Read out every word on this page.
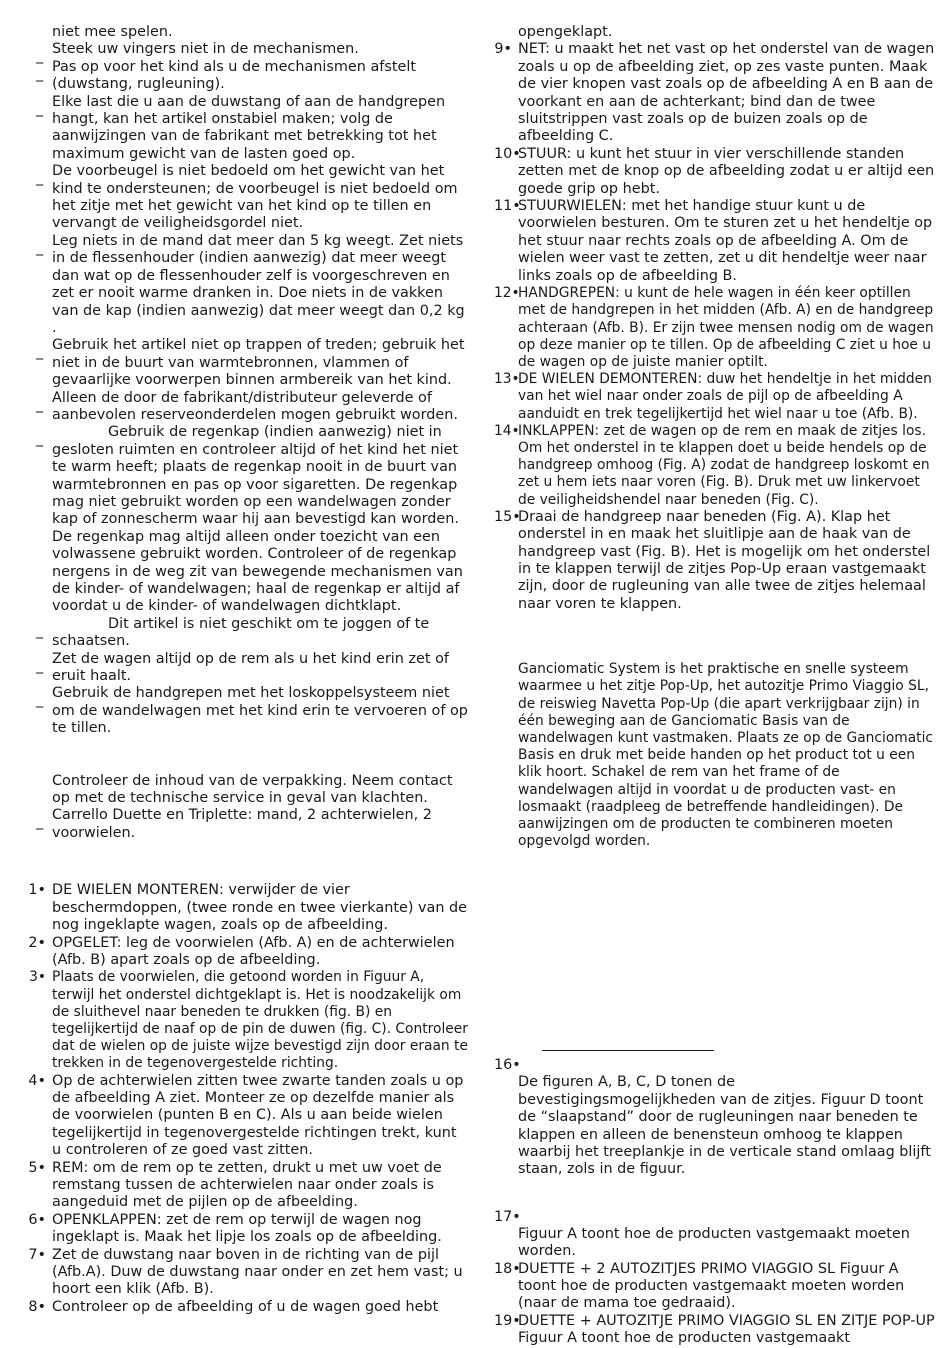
niet mee spelen.
_ Steek uw vingers niet in de mechanismen.
_ Pas op voor het kind als u de mechanismen afstelt (duwstang, rugleuning).
_ Elke last die u aan de duwstang of aan de handgrepen hangt, kan het artikel onstabiel maken; volg de aanwijzingen van de fabrikant met betrekking tot het maximum gewicht van de lasten goed op.
_ De voorbeugel is niet bedoeld om het gewicht van het kind te ondersteunen; de voorbeugel is niet bedoeld om het zitje met het gewicht van het kind op te tillen en vervangt de veiligheidsgordel niet.
_ Leg niets in de mand dat meer dan 5 kg weegt. Zet niets in de flessenhouder (indien aanwezig) dat meer weegt dan wat op de flessenhouder zelf is voorgeschreven en zet er nooit warme dranken in. Doe niets in de vakken van de kap (indien aanwezig) dat meer weegt dan 0,2 kg .
_ Gebruik het artikel niet op trappen of treden; gebruik het niet in de buurt van warmtebronnen, vlammen of gevaarlijke voorwerpen binnen armbereik van het kind.
_ Alleen de door de fabrikant/distributeur geleverde of aanbevolen reserveonderdelen mogen gebruikt worden.
_	Gebruik de regenkap (indien aanwezig) niet in gesloten ruimten en controleer altijd of het kind het niet te warm heeft; plaats de regenkap nooit in de buurt van warmtebronnen en pas op voor sigaretten. De regenkap mag niet gebruikt worden op een wandelwagen zonder kap of zonnescherm waar hij aan bevestigd kan worden. De regenkap mag altijd alleen onder toezicht van een volwassene gebruikt worden. Controleer of de regenkap nergens in de weg zit van bewegende mechanismen van de kinder- of wandelwagen; haal de regenkap er altijd af voordat u de kinder- of wandelwagen dichtklapt.
_	Dit artikel is niet geschikt om te joggen of te schaatsen.
_ Zet de wagen altijd op de rem als u het kind erin zet of eruit haalt.
_ Gebruik de handgrepen met het loskoppelsysteem niet om de wandelwagen met het kind erin te vervoeren of op te tillen.
Controleer de inhoud van de verpakking. Neem contact op met de technische service in geval van klachten.
_ Carrello Duette en Triplette: mand, 2 achterwielen, 2 voorwielen.
1• DE WIELEN MONTEREN: verwijder de vier beschermdoppen, (twee ronde en twee vierkante) van de nog ingeklapte wagen, zoals op de afbeelding.
2• OPGELET: leg de voorwielen (Afb. A) en de achterwielen (Afb. B) apart zoals op de afbeelding.
3• Plaats de voorwielen, die getoond worden in Figuur A, terwijl het onderstel dichtgeklapt is. Het is noodzakelijk om de sluithevel naar beneden te drukken (fig. B) en tegelijkertijd de naaf op de pin de duwen (fig. C). Controleer dat de wielen op de juiste wijze bevestigd zijn door eraan te trekken in de tegenovergestelde richting.
4• Op de achterwielen zitten twee zwarte tanden zoals u op de afbeelding A ziet. Monteer ze op dezelfde manier als de voorwielen (punten B en C). Als u aan beide wielen tegelijkertijd in tegenovergestelde richtingen trekt, kunt u controleren of ze goed vast zitten.
5• REM: om de rem op te zetten, drukt u met uw voet de remstang tussen de achterwielen naar onder zoals is aangeduid met de pijlen op de afbeelding.
6• OPENKLAPPEN: zet de rem op terwijl de wagen nog ingeklapt is. Maak het lipje los zoals op de afbeelding.
7• Zet de duwstang naar boven in de richting van de pijl (Afb.A). Duw de duwstang naar onder en zet hem vast; u hoort een klik (Afb. B).
8• Controleer op de afbeelding of u de wagen goed hebt
opengeklapt.
9• NET: u maakt het net vast op het onderstel van de wagen zoals u op de afbeelding ziet, op zes vaste punten. Maak de vier knopen vast zoals op de afbeelding A en B aan de voorkant en aan de achterkant; bind dan de twee sluitstrippen vast zoals op de buizen zoals op de afbeelding C.
10•
STUUR: u kunt het stuur in vier verschillende standen zetten met de knop op de afbeelding zodat u er altijd een goede grip op hebt.
11•
STUURWIELEN: met het handige stuur kunt u de voorwielen besturen. Om te sturen zet u het hendeltje op het stuur naar rechts zoals op de afbeelding A. Om de wielen weer vast te zetten, zet u dit hendeltje weer naar links zoals op de afbeelding B.
12•
HANDGREPEN: u kunt de hele wagen in één keer optillen met de handgrepen in het midden (Afb. A) en de handgreep achteraan (Afb. B). Er zijn twee mensen nodig om de wagen op deze manier op te tillen. Op de afbeelding C ziet u hoe u de wagen op de juiste manier optilt.
13•
DE WIELEN DEMONTEREN: duw het hendeltje in het midden van het wiel naar onder zoals de pijl op de afbeelding A aanduidt en trek tegelijkertijd het wiel naar u toe (Afb. B).
14•
INKLAPPEN: zet de wagen op de rem en maak de zitjes los. Om het onderstel in te klappen doet u beide hendels op de handgreep omhoog (Fig. A) zodat de handgreep loskomt en zet u hem iets naar voren (Fig. B). Druk met uw linkervoet de veiligheidshendel naar beneden (Fig. C).
15•
Draai de handgreep naar beneden (Fig. A). Klap het onderstel in en maak het sluitlipje aan de haak van de handgreep vast (Fig. B). Het is mogelijk om het onderstel in te klappen terwijl de zitjes Pop-Up eraan vastgemaakt zijn, door de rugleuning van alle twee de zitjes helemaal naar voren te klappen.
Ganciomatic System is het praktische en snelle systeem waarmee u het zitje Pop-Up, het autozitje Primo Viaggio SL, de reiswieg Navetta Pop-Up (die apart verkrijgbaar zijn) in één beweging aan de Ganciomatic Basis van de wandelwagen kunt vastmaken. Plaats ze op de Ganciomatic Basis en druk met beide handen op het product tot u een klik hoort. Schakel de rem van het frame of de wandelwagen altijd in voordat u de producten vast- en losmaakt (raadpleeg de betreffende handleidingen). De aanwijzingen om de producten te combineren moeten opgevolgd worden.
16•
De figuren A, B, C, D tonen de bevestigingsmogelijkheden van de zitjes. Figuur D toont de “slaapstand” door de rugleuningen naar beneden te klappen en alleen de benensteun omhoog te klappen waarbij het treeplankje in de verticale stand omlaag blijft staan, zols in de figuur.
17•
Figuur A toont hoe de producten vastgemaakt moeten worden.
18•
DUETTE + 2 AUTOZITJES PRIMO VIAGGIO SL Figuur A toont hoe de producten vastgemaakt moeten worden (naar de mama toe gedraaid).
19•
DUETTE + AUTOZITJE PRIMO VIAGGIO SL EN ZITJE POP-UP Figuur A toont hoe de producten vastgemaakt
